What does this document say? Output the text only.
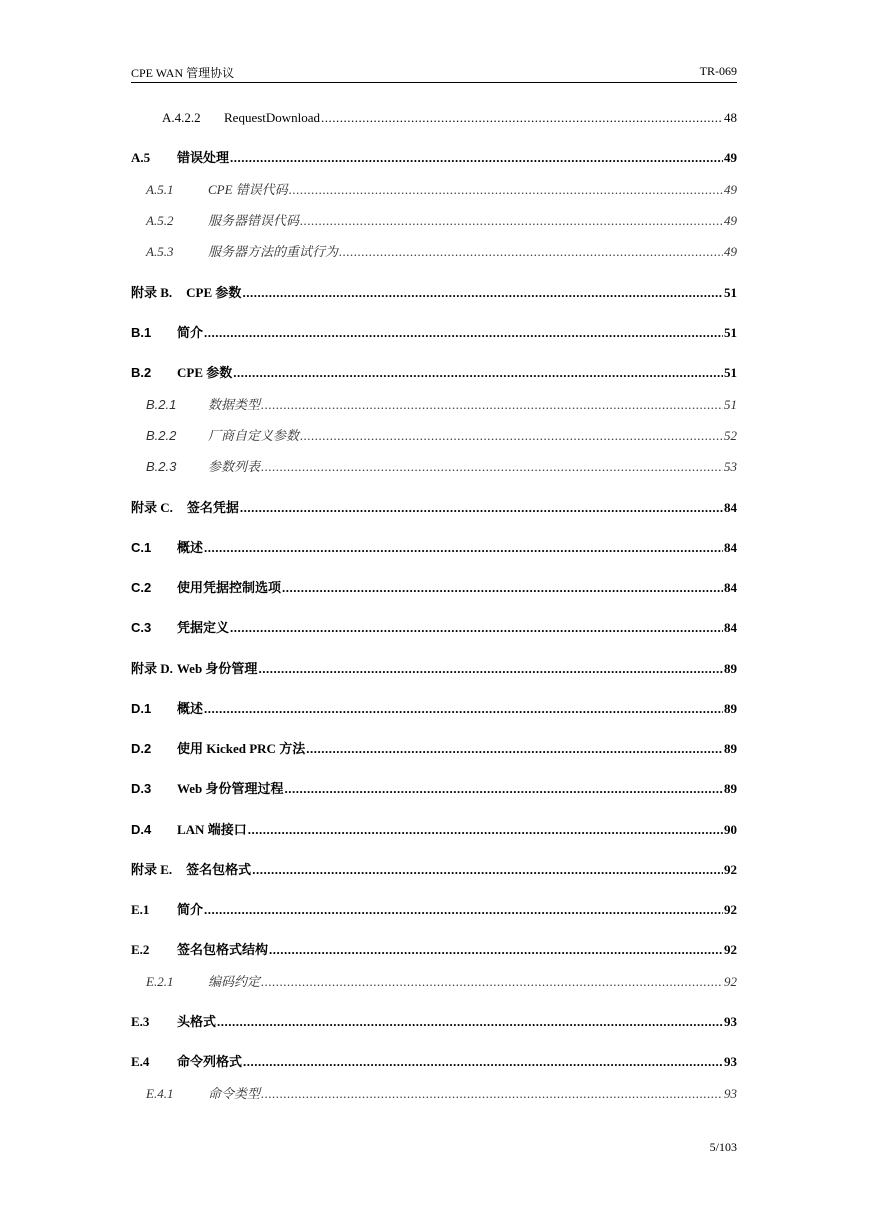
CPE WAN 管理协议	TR-069
A.4.2.2	RequestDownload .....	48
A.5	错误处理 .....	49
A.5.1	CPE 错误代码 .....	49
A.5.2	服务器错误代码 .....	49
A.5.3	服务器方法的重试行为 .....	49
附录 B.	CPE 参数 .....	51
B.1	简介 .....	51
B.2	CPE 参数 .....	51
B.2.1	数据类型 .....	51
B.2.2	厂商自定义参数 .....	52
B.2.3	参数列表 .....	53
附录 C.	签名凭据 .....	84
C.1	概述 .....	84
C.2	使用凭据控制选项 .....	84
C.3	凭据定义 .....	84
附录 D. Web 身份管理 .....	89
D.1	概述 .....	89
D.2	使用 Kicked PRC 方法 .....	89
D.3	Web 身份管理过程 .....	89
D.4	LAN 端接口 .....	90
附录 E.	签名包格式 .....	92
E.1	简介 .....	92
E.2	签名包格式结构 .....	92
E.2.1	编码约定 .....	92
E.3	头格式 .....	93
E.4	命令列格式 .....	93
E.4.1	命令类型 .....	93
5/103
